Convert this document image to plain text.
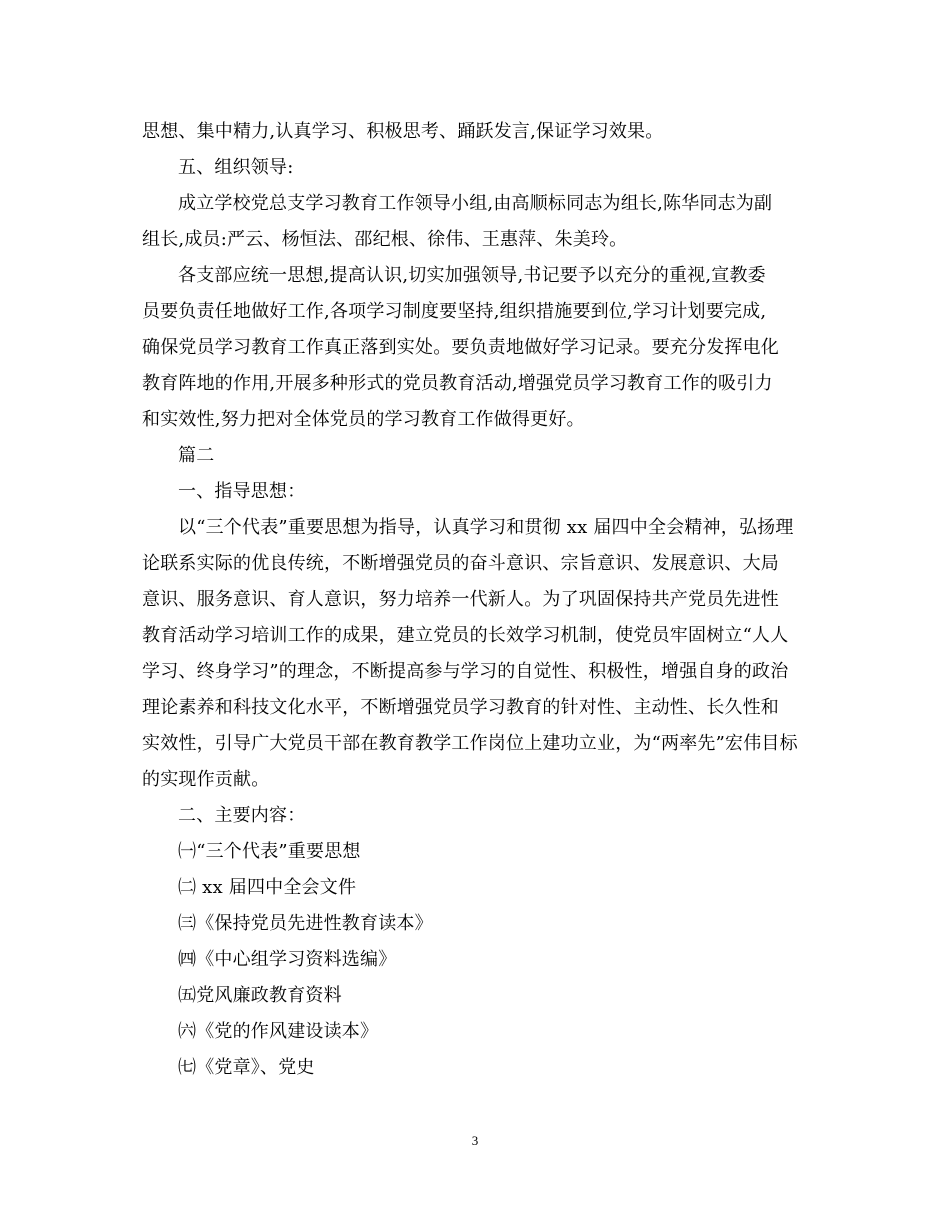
思想、集中精力,认真学习、积极思考、踊跃发言,保证学习效果。
五、组织领导:
成立学校党总支学习教育工作领导小组,由高顺标同志为组长,陈华同志为副
组长,成员:严云、杨恒法、邵纪根、徐伟、王惠萍、朱美玲。
各支部应统一思想,提高认识,切实加强领导,书记要予以充分的重视,宣教委
员要负责任地做好工作,各项学习制度要坚持,组织措施要到位,学习计划要完成,
确保党员学习教育工作真正落到实处。要负责地做好学习记录。要充分发挥电化
教育阵地的作用,开展多种形式的党员教育活动,增强党员学习教育工作的吸引力
和实效性,努力把对全体党员的学习教育工作做得更好。
篇二
一、指导思想：
以“三个代表”重要思想为指导，认真学习和贯彻 xx 届四中全会精神，弘扬理
论联系实际的优良传统，不断增强党员的奋斗意识、宗旨意识、发展意识、大局
意识、服务意识、育人意识，努力培养一代新人。为了巩固保持共产党员先进性
教育活动学习培训工作的成果，建立党员的长效学习机制，使党员牢固树立“人人
学习、终身学习”的理念，不断提高参与学习的自觉性、积极性，增强自身的政治
理论素养和科技文化水平，不断增强党员学习教育的针对性、主动性、长久性和
实效性，引导广大党员干部在教育教学工作岗位上建功立业，为“两率先”宏伟目标
的实现作贡献。
二、主要内容：
㈠“三个代表”重要思想
㈡ xx 届四中全会文件
㈢《保持党员先进性教育读本》
㈣《中心组学习资料选编》
㈤党风廉政教育资料
㈥《党的作风建设读本》
㈦《党章》、党史
3
